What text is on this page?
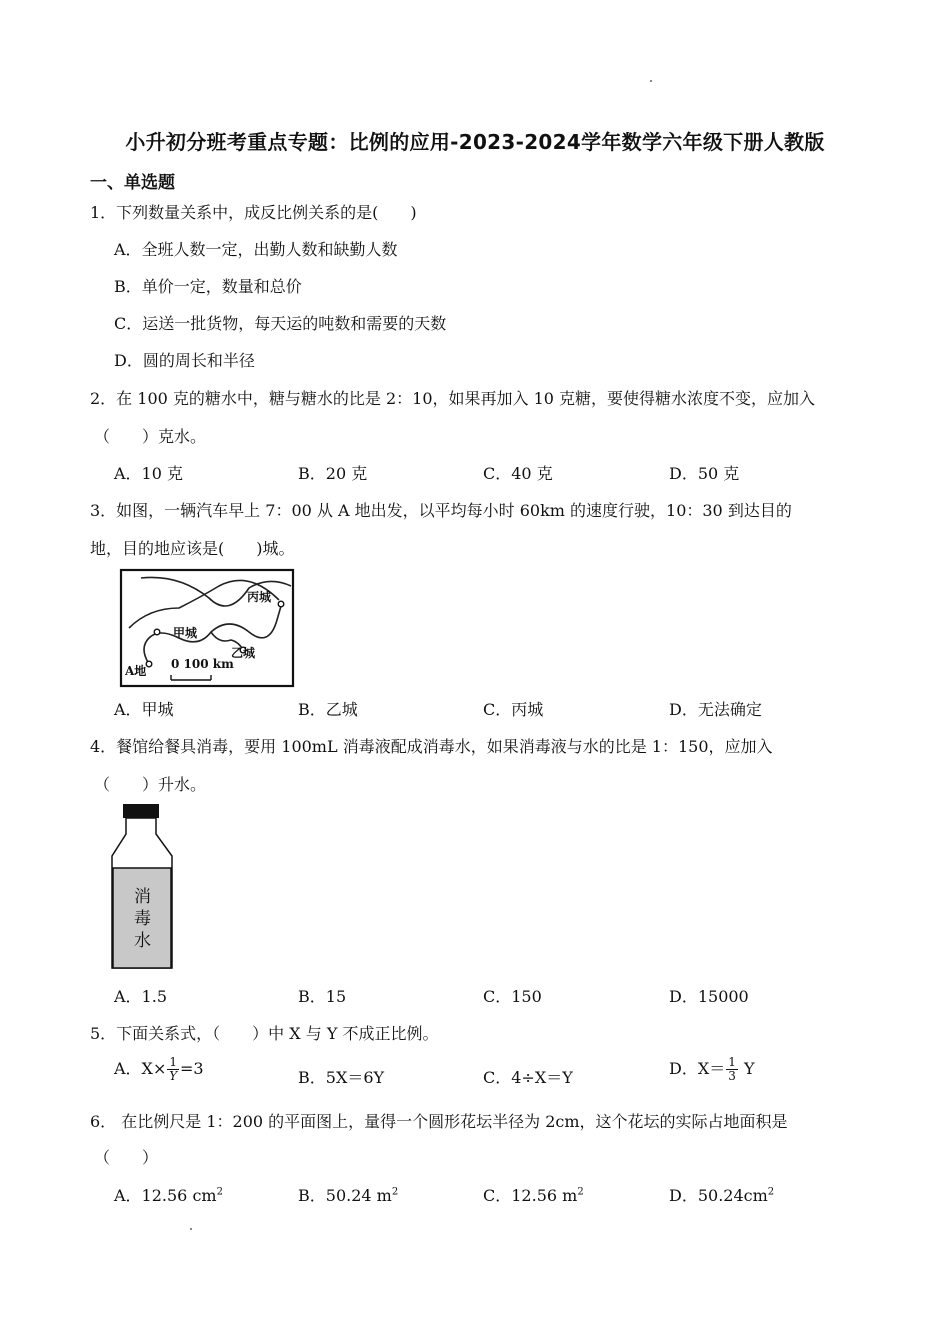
小升初分班考重点专题：比例的应用-2023-2024学年数学六年级下册人教版
一、单选题
1．下列数量关系中，成反比例关系的是(　　)
A．全班人数一定，出勤人数和缺勤人数
B．单价一定，数量和总价
C．运送一批货物，每天运的吨数和需要的天数
D．圆的周长和半径
2．在 100 克的糖水中，糖与糖水的比是 2：10，如果再加入 10 克糖，要使得糖水浓度不变，应加入
（　　）克水。
A．10 克	B．20 克	C．40 克	D．50 克
3．如图，一辆汽车早上 7：00 从 A 地出发，以平均每小时 60km 的速度行驶，10：30 到达目的
地，目的地应该是(　　)城。
甲城
乙城
丙城
A地 0 100 km
A．甲城	B．乙城	C．丙城	D．无法确定
4．餐馆给餐具消毒，要用 100mL 消毒液配成消毒水，如果消毒液与水的比是 1：150，应加入
（　　）升水。
消
毒
水
A．1.5	B．15	C．150	D．15000
5．下面关系式，（　　）中 X 与 Y 不成正比例。
A．$X\times \frac{1}{Y} =3$	B．5X＝6Y	C．4÷X＝Y	D．$X= \frac{1}{3}$ Y
6． 在比例尺是 1：200 的平面图上，量得一个圆形花坛半径为 2cm，这个花坛的实际占地面积是
（　　）
A．12.56 $cm^2$	B．50.24 $m^2$	C．12.56 $m^2$	D．$50.24cm^2$
